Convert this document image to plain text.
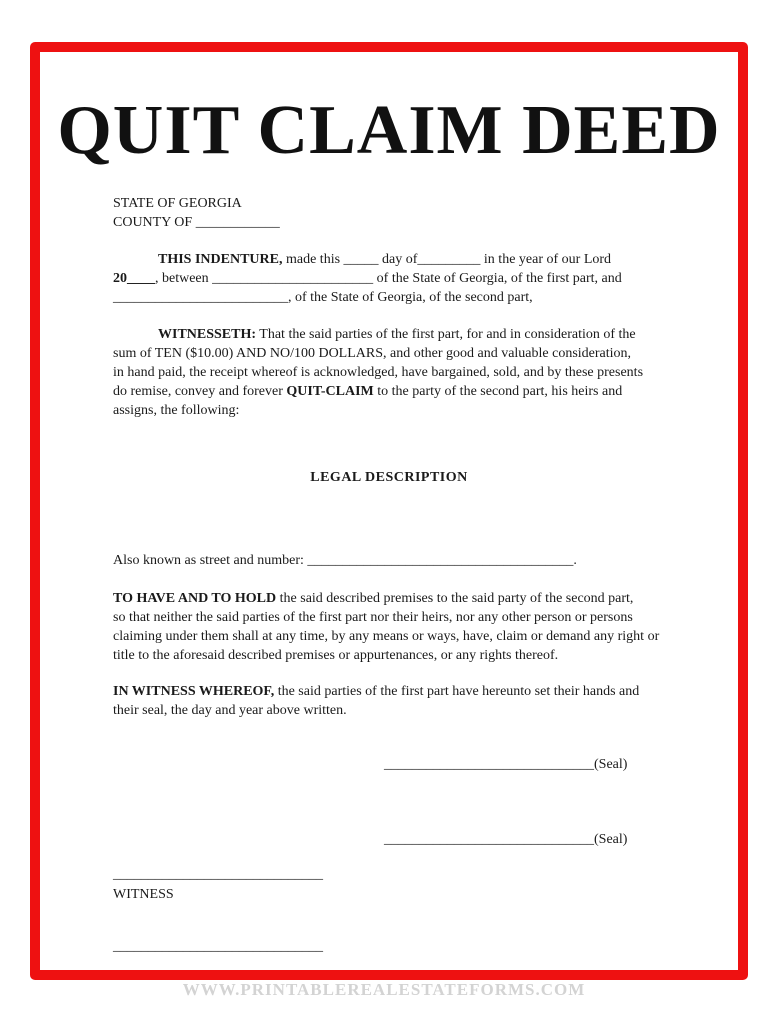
QUIT CLAIM DEED
STATE OF GEORGIA
COUNTY OF ____________
THIS INDENTURE, made this _____ day of_________ in the year of our Lord
20____, between _______________________ of the State of Georgia, of the first part, and
_________________________, of the State of Georgia, of the second part,
WITNESSETH: That the said parties of the first part, for and in consideration of the
sum of TEN ($10.00) AND NO/100 DOLLARS, and other good and valuable consideration,
in hand paid, the receipt whereof is acknowledged, have bargained, sold, and by these presents
do remise, convey and forever QUIT-CLAIM to the party of the second part, his heirs and
assigns, the following:
LEGAL DESCRIPTION
Also known as street and number: ______________________________________.
TO HAVE AND TO HOLD the said described premises to the said party of the second part,
so that neither the said parties of the first part nor their heirs, nor any other person or persons
claiming under them shall at any time, by any means or ways, have, claim or demand any right or
title to the aforesaid described premises or appurtenances, or any rights thereof.
IN WITNESS WHEREOF, the said parties of the first part have hereunto set their hands and
their seal, the day and year above written.
______________________________(Seal)
______________________________(Seal)
______________________________
WITNESS
______________________________
WWW.PRINTABLEREALESTATEFORMS.COM
